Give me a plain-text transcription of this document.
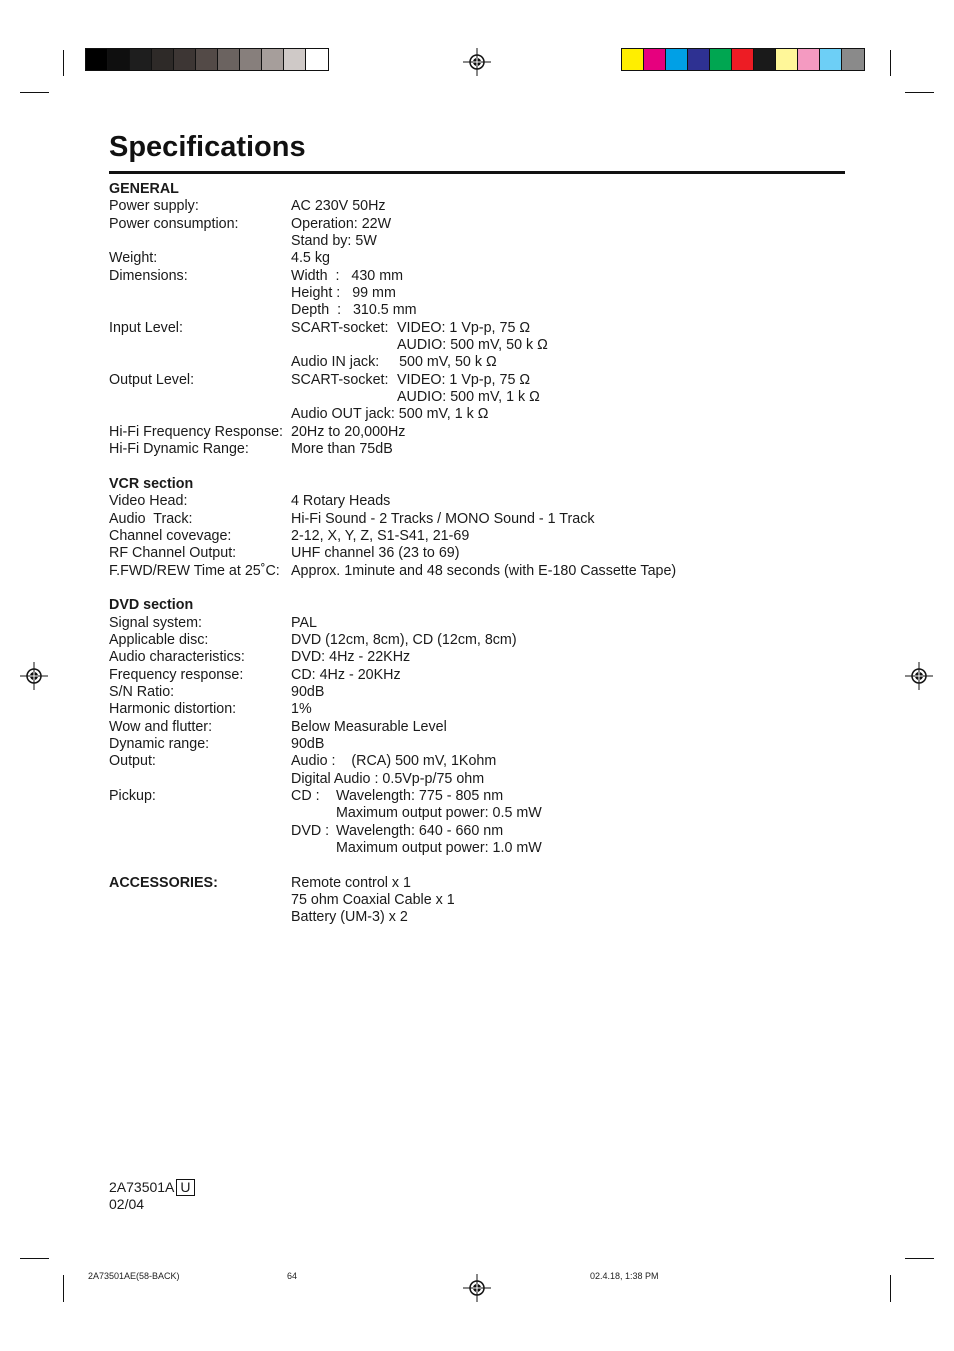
Specifications
GENERAL
Power supply:	AC 230V 50Hz
Power consumption:	Operation: 22W
Stand by: 5W
Weight:	4.5 kg
Dimensions:	Width  :   430 mm
Height :   99 mm
Depth  :   310.5 mm
Input Level:	SCART-socket: VIDEO: 1 Vp-p, 75 Ω
AUDIO: 500 mV, 50 k Ω
Audio IN jack:     500 mV, 50 k Ω
Output Level:	SCART-socket: VIDEO: 1 Vp-p, 75 Ω
AUDIO: 500 mV, 1 k Ω
Audio OUT jack: 500 mV, 1 k Ω
Hi-Fi Frequency Response: 20Hz to 20,000Hz
Hi-Fi Dynamic Range:	More than 75dB
VCR section
Video Head:	4 Rotary Heads
Audio  Track:	Hi-Fi Sound - 2 Tracks / MONO Sound - 1 Track
Channel covevage:	2-12, X, Y, Z, S1-S41, 21-69
RF Channel Output:	UHF channel 36 (23 to 69)
F.FWD/REW Time at 25˚C: Approx. 1minute and 48 seconds (with E-180 Cassette Tape)
DVD section
Signal system:	PAL
Applicable disc:	DVD (12cm, 8cm), CD (12cm, 8cm)
Audio characteristics:	DVD: 4Hz - 22KHz
Frequency response:	CD: 4Hz - 20KHz
S/N Ratio:	90dB
Harmonic distortion:	1%
Wow and flutter:	Below Measurable Level
Dynamic range:	90dB
Output:	Audio :    (RCA) 500 mV, 1Kohm
Digital Audio : 0.5Vp-p/75 ohm
Pickup:	CD : Wavelength: 775 - 805 nm
Maximum output power: 0.5 mW
DVD : Wavelength: 640 - 660 nm
Maximum output power: 1.0 mW
ACCESSORIES:	Remote control x 1
75 ohm Coaxial Cable x 1
Battery (UM-3) x 2
2A73501A U
02/04
2A73501AE(58-BACK)	64	02.4.18, 1:38 PM
